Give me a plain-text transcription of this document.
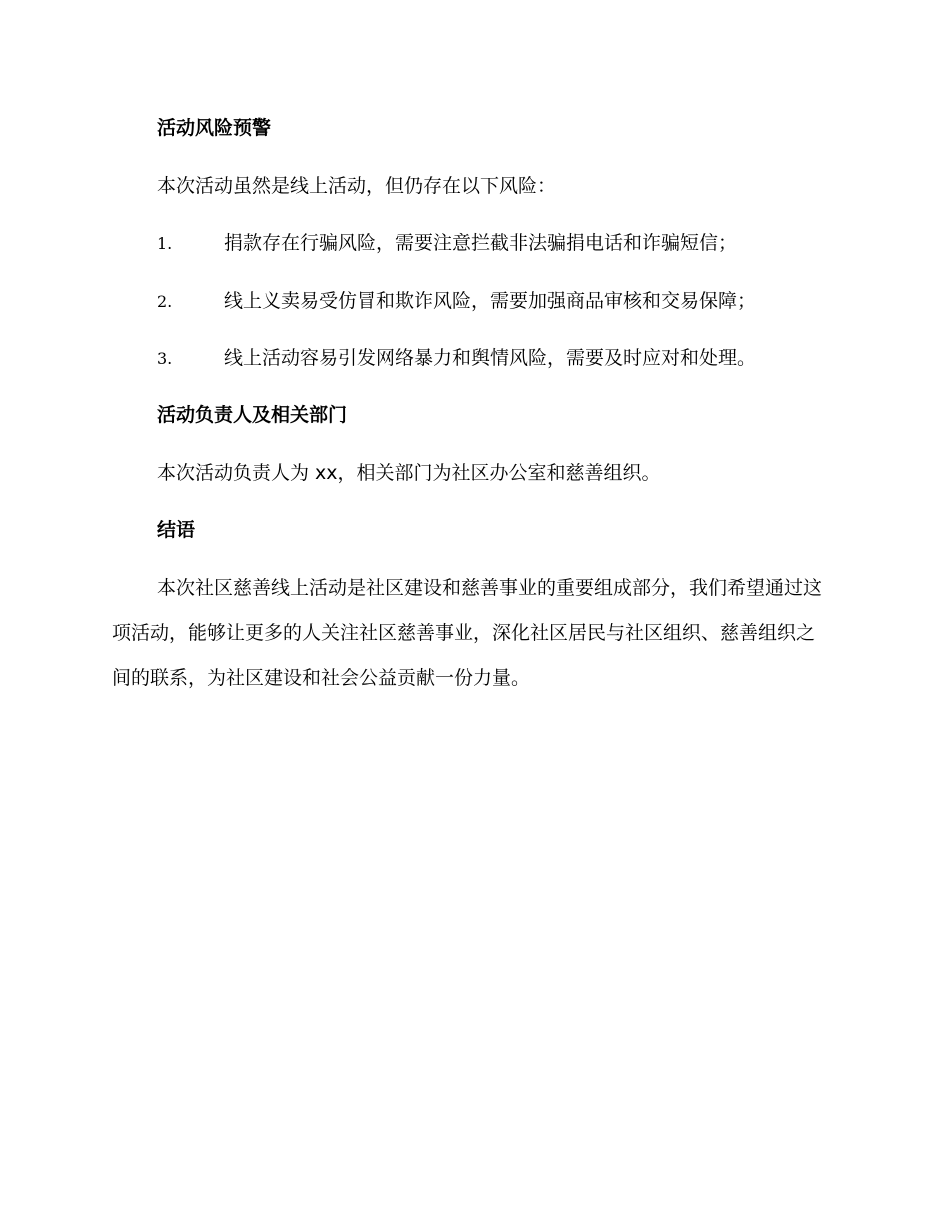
活动风险预警
本次活动虽然是线上活动，但仍存在以下风险：
1.	捐款存在行骗风险，需要注意拦截非法骗捐电话和诈骗短信；
2.	线上义卖易受仿冒和欺诈风险，需要加强商品审核和交易保障；
3.	线上活动容易引发网络暴力和舆情风险，需要及时应对和处理。
活动负责人及相关部门
本次活动负责人为 xx，相关部门为社区办公室和慈善组织。
结语
本次社区慈善线上活动是社区建设和慈善事业的重要组成部分，我们希望通过这项活动，能够让更多的人关注社区慈善事业，深化社区居民与社区组织、慈善组织之间的联系，为社区建设和社会公益贡献一份力量。
